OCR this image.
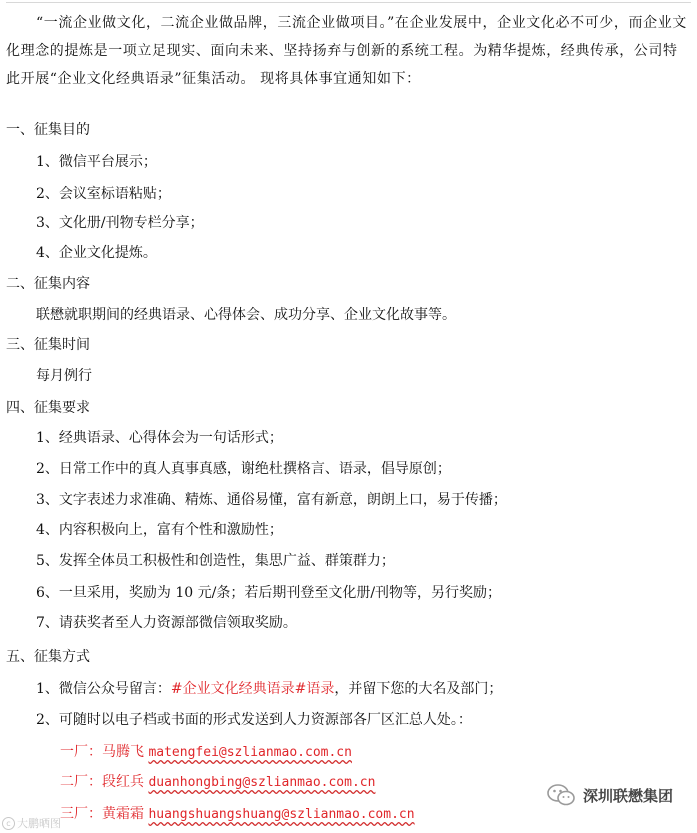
“一流企业做文化，二流企业做品牌，三流企业做项目。”在企业发展中，企业文化必不可少，而企业文化理念的提炼是一项立足现实、面向未来、坚持扬弃与创新的系统工程。为精华提炼，经典传承，公司特此开展“企业文化经典语录”征集活动。 现将具体事宜通知如下：
一、征集目的
1、微信平台展示；
2、会议室标语粘贴；
3、文化册/刊物专栏分享；
4、企业文化提炼。
二、征集内容
联懋就职期间的经典语录、心得体会、成功分享、企业文化故事等。
三、征集时间
每月例行
四、征集要求
1、经典语录、心得体会为一句话形式；
2、日常工作中的真人真事真感，谢绝杜撰格言、语录，倡导原创；
3、文字表述力求准确、精炼、通俗易懂，富有新意，朗朗上口，易于传播；
4、内容积极向上，富有个性和激励性；
5、发挥全体员工积极性和创造性，集思广益、群策群力；
6、一旦采用，奖励为 10 元/条；若后期刊登至文化册/刊物等，另行奖励；
7、请获奖者至人力资源部微信领取奖励。
五、征集方式
1、微信公众号留言：#企业文化经典语录#语录，并留下您的大名及部门；
2、可随时以电子档或书面的形式发送到人力资源部各厂区汇总人处。：
一厂：马腾飞 matengfei@szlianmao.com.cn
二厂：段红兵 duanhongbing@szlianmao.com.cn
三厂：黄霜霜 huangshuangshuang@szlianmao.com.cn
深圳联懋集团
c 大鹏晒图
